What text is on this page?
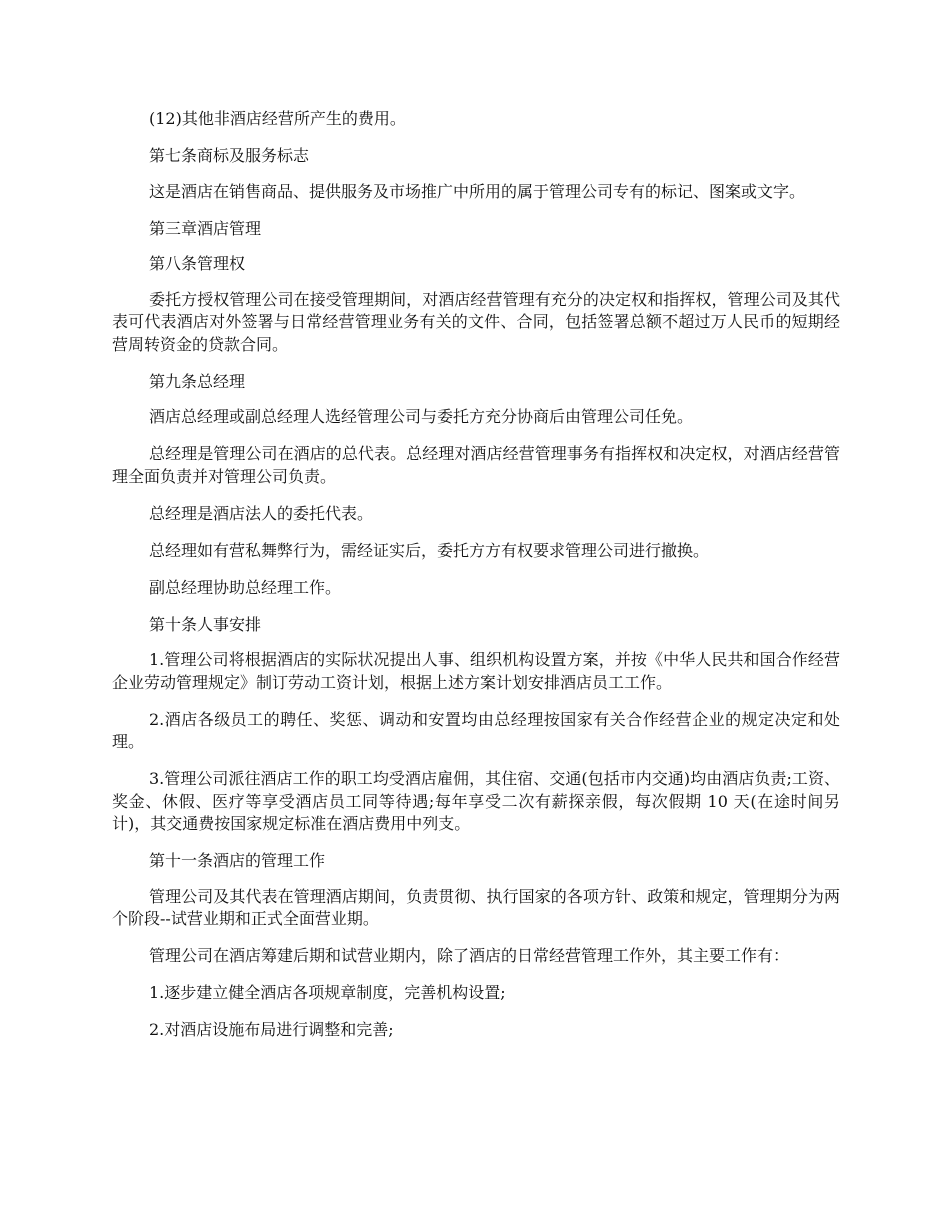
(12)其他非酒店经营所产生的费用。

第七条商标及服务标志

这是酒店在销售商品、提供服务及市场推广中所用的属于管理公司专有的标记、图案或文字。

第三章酒店管理

第八条管理权

委托方授权管理公司在接受管理期间，对酒店经营管理有充分的决定权和指挥权，管理公司及其代表可代表酒店对外签署与日常经营管理业务有关的文件、合同，包括签署总额不超过万人民币的短期经营周转资金的贷款合同。

第九条总经理

酒店总经理或副总经理人选经管理公司与委托方充分协商后由管理公司任免。

总经理是管理公司在酒店的总代表。总经理对酒店经营管理事务有指挥权和决定权，对酒店经营管理全面负责并对管理公司负责。

总经理是酒店法人的委托代表。

总经理如有营私舞弊行为，需经证实后，委托方方有权要求管理公司进行撤换。

副总经理协助总经理工作。

第十条人事安排

1.管理公司将根据酒店的实际状况提出人事、组织机构设置方案，并按《中华人民共和国合作经营企业劳动管理规定》制订劳动工资计划，根据上述方案计划安排酒店员工工作。

2.酒店各级员工的聘任、奖惩、调动和安置均由总经理按国家有关合作经营企业的规定决定和处理。

3.管理公司派往酒店工作的职工均受酒店雇佣，其住宿、交通(包括市内交通)均由酒店负责;工资、奖金、休假、医疗等享受酒店员工同等待遇;每年享受二次有薪探亲假，每次假期 10 天(在途时间另计)，其交通费按国家规定标准在酒店费用中列支。

第十一条酒店的管理工作

管理公司及其代表在管理酒店期间，负责贯彻、执行国家的各项方针、政策和规定，管理期分为两个阶段--试营业期和正式全面营业期。

管理公司在酒店筹建后期和试营业期内，除了酒店的日常经营管理工作外，其主要工作有：

1.逐步建立健全酒店各项规章制度，完善机构设置;

2.对酒店设施布局进行调整和完善;
